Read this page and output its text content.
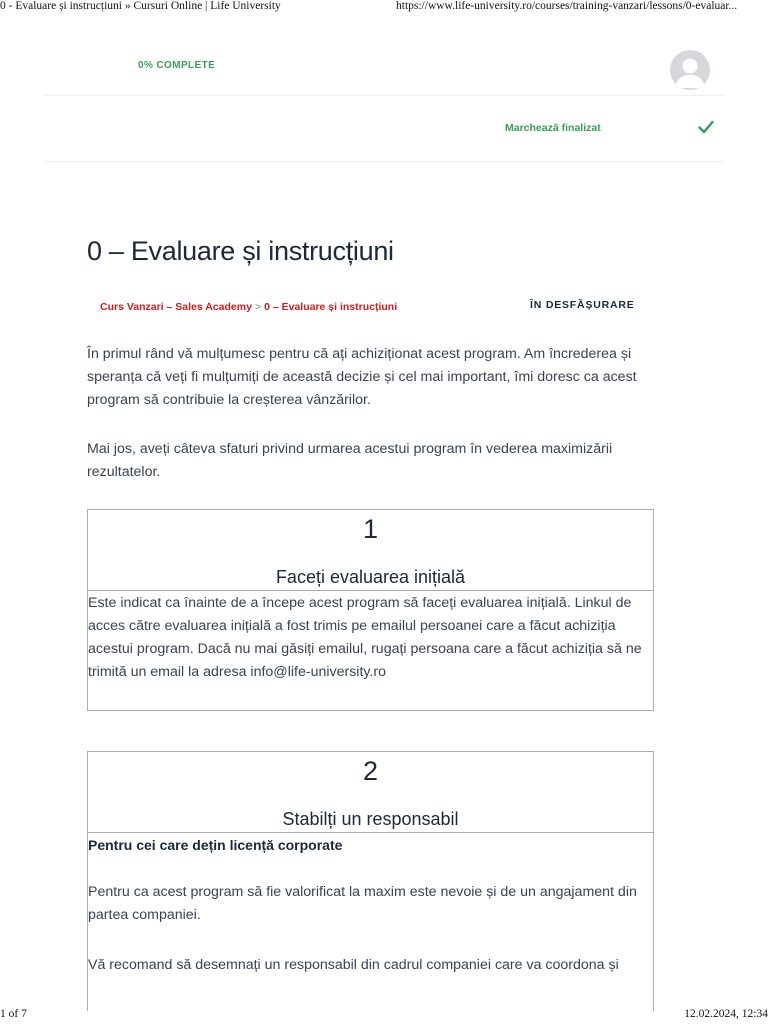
0 - Evaluare și instrucțiuni » Cursuri Online | Life University	https://www.life-university.ro/courses/training-vanzari/lessons/0-evaluar...
0% COMPLETE
Marchează finalizat
0 – Evaluare și instrucțiuni
Curs Vanzari – Sales Academy > 0 – Evaluare și instrucțiuni	ÎN DESFĂȘURARE

În primul rând vă mulțumesc pentru că ați achiziționat acest program. Am încrederea și speranța că veți fi mulțumiți de această decizie și cel mai important, îmi doresc ca acest program să contribuie la creșterea vânzărilor.

Mai jos, aveți câteva sfaturi privind urmarea acestui program în vederea maximizării rezultatelor.

1
Faceți evaluarea inițială

Este indicat ca înainte de a începe acest program să faceți evaluarea inițială. Linkul de acces către evaluarea inițială a fost trimis pe emailul persoanei care a făcut achiziția acestui program. Dacă nu mai găsiți emailul, rugați persoana care a făcut achiziția să ne trimită un email la adresa info@life-university.ro

2
Stabilți un responsabil

Pentru cei care dețin licență corporate

Pentru ca acest program să fie valorificat la maxim este nevoie și de un angajament din partea companiei.

Vă recomand să desemnați un responsabil din cadrul companiei care va coordona și

1 of 7	12.02.2024, 12:34
